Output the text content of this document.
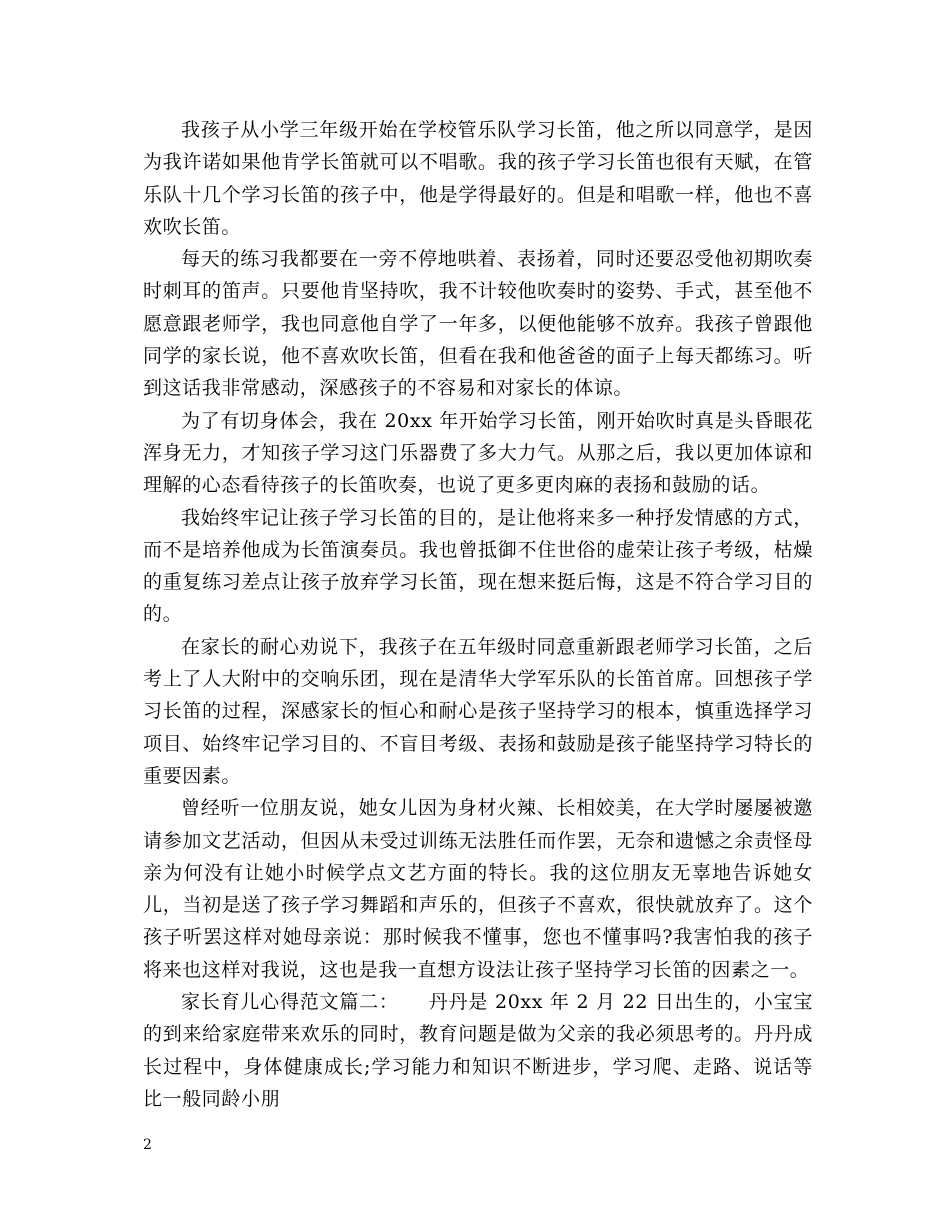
我孩子从小学三年级开始在学校管乐队学习长笛，他之所以同意学，是因为我许诺如果他肯学长笛就可以不唱歌。我的孩子学习长笛也很有天赋，在管乐队十几个学习长笛的孩子中，他是学得最好的。但是和唱歌一样，他也不喜欢吹长笛。

每天的练习我都要在一旁不停地哄着、表扬着，同时还要忍受他初期吹奏时刺耳的笛声。只要他肯坚持吹，我不计较他吹奏时的姿势、手式，甚至他不愿意跟老师学，我也同意他自学了一年多，以便他能够不放弃。我孩子曾跟他同学的家长说，他不喜欢吹长笛，但看在我和他爸爸的面子上每天都练习。听到这话我非常感动，深感孩子的不容易和对家长的体谅。

为了有切身体会，我在 20xx 年开始学习长笛，刚开始吹时真是头昏眼花浑身无力，才知孩子学习这门乐器费了多大力气。从那之后，我以更加体谅和理解的心态看待孩子的长笛吹奏，也说了更多更肉麻的表扬和鼓励的话。

我始终牢记让孩子学习长笛的目的，是让他将来多一种抒发情感的方式，而不是培养他成为长笛演奏员。我也曾抵御不住世俗的虚荣让孩子考级，枯燥的重复练习差点让孩子放弃学习长笛，现在想来挺后悔，这是不符合学习目的的。

在家长的耐心劝说下，我孩子在五年级时同意重新跟老师学习长笛，之后考上了人大附中的交响乐团，现在是清华大学军乐队的长笛首席。回想孩子学习长笛的过程，深感家长的恒心和耐心是孩子坚持学习的根本，慎重选择学习项目、始终牢记学习目的、不盲目考级、表扬和鼓励是孩子能坚持学习特长的重要因素。

曾经听一位朋友说，她女儿因为身材火辣、长相姣美，在大学时屡屡被邀请参加文艺活动，但因从未受过训练无法胜任而作罢，无奈和遗憾之余责怪母亲为何没有让她小时候学点文艺方面的特长。我的这位朋友无辜地告诉她女儿，当初是送了孩子学习舞蹈和声乐的，但孩子不喜欢，很快就放弃了。这个孩子听罢这样对她母亲说：那时候我不懂事，您也不懂事吗?我害怕我的孩子将来也这样对我说，这也是我一直想方设法让孩子坚持学习长笛的因素之一。

家长育儿心得范文篇二：　　丹丹是 20xx 年 2 月 22 日出生的，小宝宝的到来给家庭带来欢乐的同时，教育问题是做为父亲的我必须思考的。丹丹成长过程中，身体健康成长;学习能力和知识不断进步，学习爬、走路、说话等比一般同龄小朋

2
